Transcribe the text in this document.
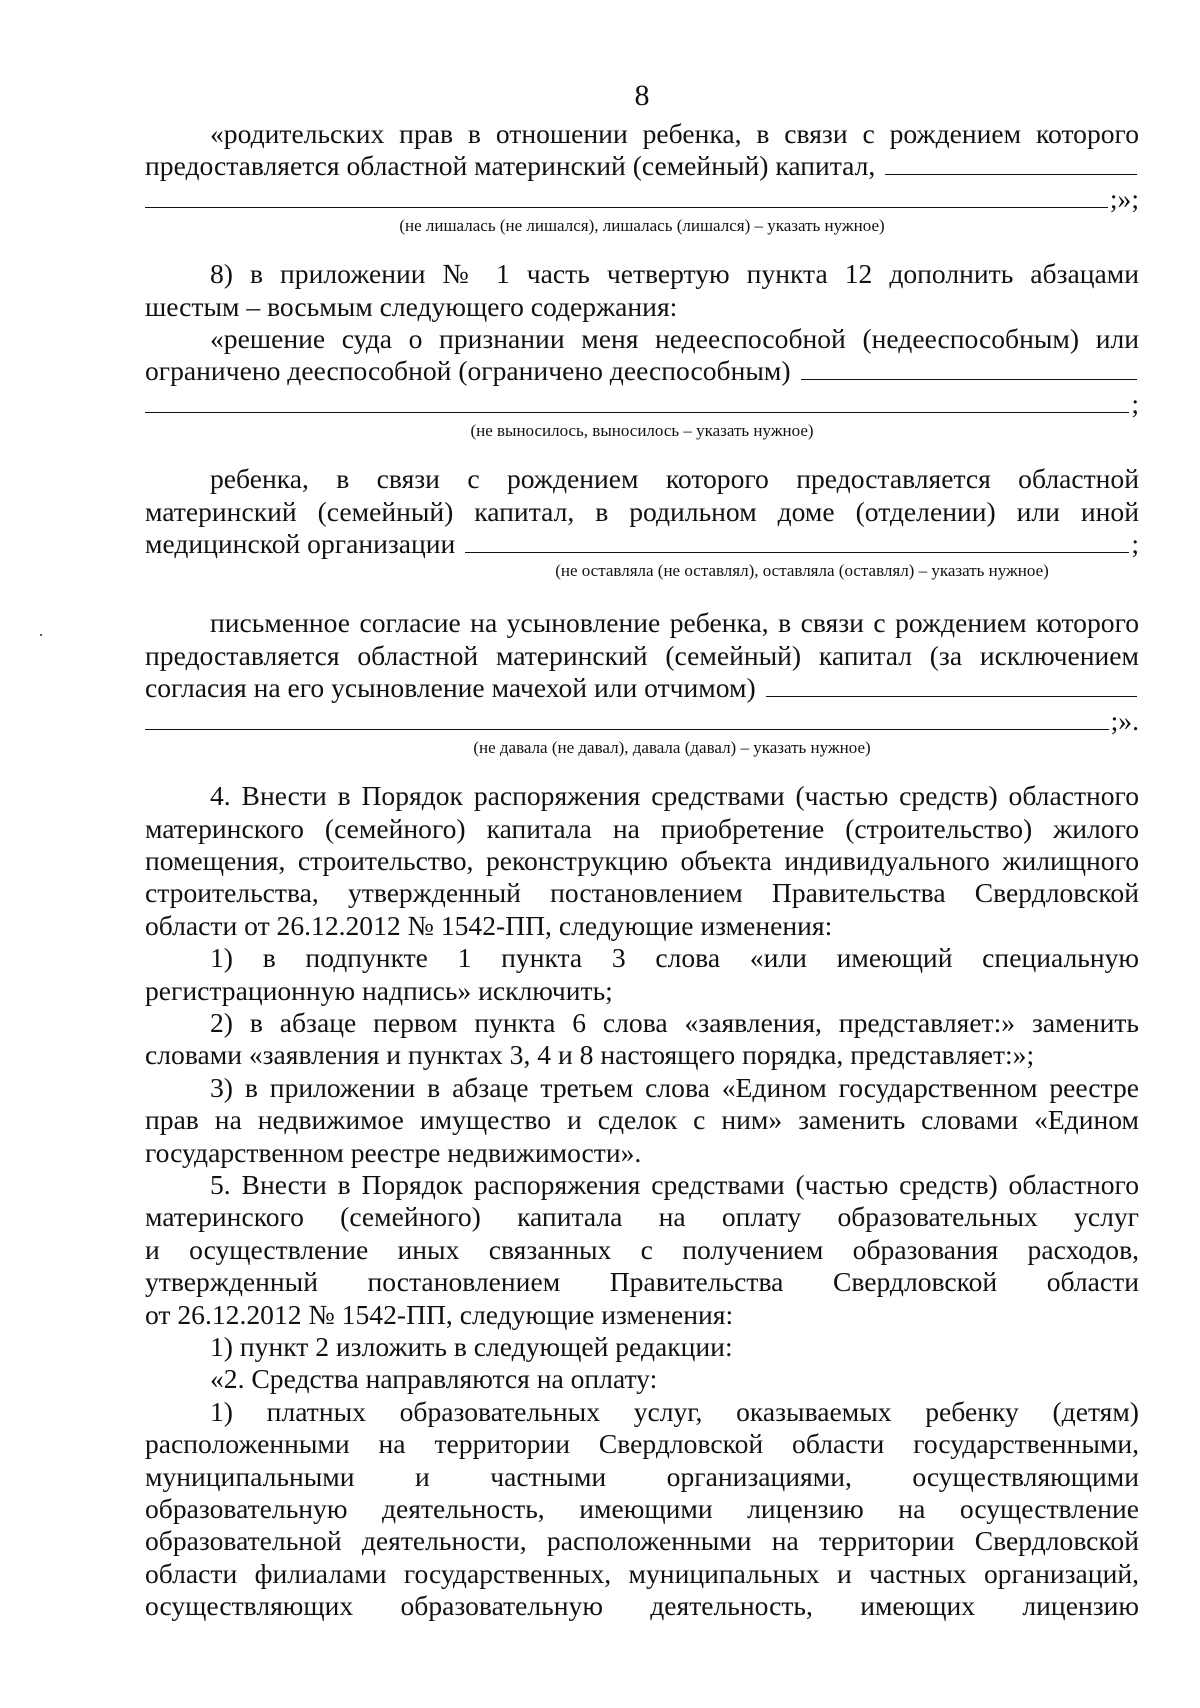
8
«родительских прав в отношении ребенка, в связи с рождением которого
предоставляется областной материнский (семейный) капитал,
;»;
(не лишалась (не лишался), лишалась (лишался) – указать нужное)
8) в приложении № 1 часть четвертую пункта 12 дополнить абзацами
шестым – восьмым следующего содержания:
«решение суда о признании меня недееспособной (недееспособным) или
ограничено дееспособной (ограничено дееспособным)
;
(не выносилось, выносилось – указать нужное)
ребенка, в связи с рождением которого предоставляется областной
материнский (семейный) капитал, в родильном доме (отделении) или иной
медицинской организации	;
(не оставляла (не оставлял), оставляла (оставлял) – указать нужное)
письменное согласие на усыновление ребенка, в связи с рождением которого
предоставляется областной материнский (семейный) капитал (за исключением
согласия на его усыновление мачехой или отчимом)
;».
(не давала (не давал), давала (давал) – указать нужное)
4. Внести в Порядок распоряжения средствами (частью средств) областного
материнского (семейного) капитала на приобретение (строительство) жилого
помещения, строительство, реконструкцию объекта индивидуального жилищного
строительства, утвержденный постановлением Правительства Свердловской
области от 26.12.2012 № 1542-ПП, следующие изменения:
1) в подпункте 1 пункта 3 слова «или имеющий специальную
регистрационную надпись» исключить;
2) в абзаце первом пункта 6 слова «заявления, представляет:» заменить
словами «заявления и пунктах 3, 4 и 8 настоящего порядка, представляет:»;
3) в приложении в абзаце третьем слова «Едином государственном реестре
прав на недвижимое имущество и сделок с ним» заменить словами «Едином
государственном реестре недвижимости».
5. Внести в Порядок распоряжения средствами (частью средств) областного
материнского (семейного) капитала на оплату образовательных услуг
и осуществление иных связанных с получением образования расходов,
утвержденный постановлением Правительства Свердловской области
от 26.12.2012 № 1542-ПП, следующие изменения:
1) пункт 2 изложить в следующей редакции:
«2. Средства направляются на оплату:
1) платных образовательных услуг, оказываемых ребенку (детям)
расположенными на территории Свердловской области государственными,
муниципальными и частными организациями, осуществляющими
образовательную деятельность, имеющими лицензию на осуществление
образовательной деятельности, расположенными на территории Свердловской
области филиалами государственных, муниципальных и частных организаций,
осуществляющих образовательную деятельность, имеющих лицензию
